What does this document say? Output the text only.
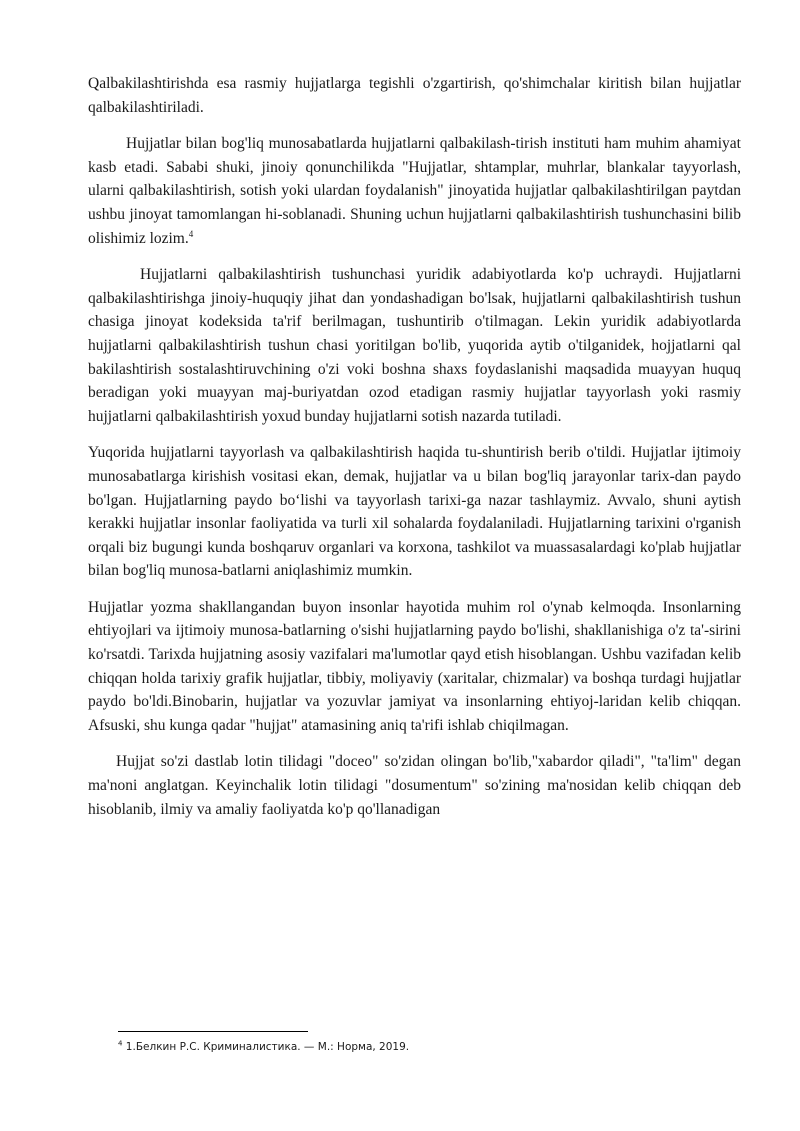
Qalbakilashtirishda esa rasmiy hujjatlarga tegishli o'zgartirish, qo'shimchalar kiritish bilan hujjatlar qalbakilashtiriladi.

Hujjatlar bilan bog'liq munosabatlarda hujjatlarni qalbakilash-tirish instituti ham muhim ahamiyat kasb etadi. Sababi shuki, jinoiy qonunchilikda "Hujjatlar, shtamplar, muhrlar, blankalar tayyorlash, ularni qalbakilashtirish, sotish yoki ulardan foydalanish" jinoyatida hujjatlar qalbakilashtirilgan paytdan ushbu jinoyat tamomlangan hi-soblanadi. Shuning uchun hujjatlarni qalbakilashtirish tushunchasini bilib olishimiz lozim.$^4$

Hujjatlarni qalbakilashtirish tushunchasi yuridik adabiyotlarda ko'p uchraydi. Hujjatlarni qalbakilashtirishga jinoiy-huquqiy jihat dan yondashadigan bo'lsak, hujjatlarni qalbakilashtirish tushun chasiga jinoyat kodeksida ta'rif berilmagan, tushuntirib o'tilmagan. Lekin yuridik adabiyotlarda hujjatlarni qalbakilashtirish tushun chasi yoritilgan bo'lib, yuqorida aytib o'tilganidek, hojjatlarni qal bakilashtirish sostalashtiruvchining o'zi voki boshna shaxs foydaslanishi maqsadida muayyan huquq beradigan yoki muayyan maj-buriyatdan ozod etadigan rasmiy hujjatlar tayyorlash yoki rasmiy hujjatlarni qalbakilashtirish yoxud bunday hujjatlarni sotish nazarda tutiladi.

Yuqorida hujjatlarni tayyorlash va qalbakilashtirish haqida tu-shuntirish berib o'tildi. Hujjatlar ijtimoiy munosabatlarga kirishish vositasi ekan, demak, hujjatlar va u bilan bog'liq jarayonlar tarix-dan paydo bo'lgan. Hujjatlarning paydo bo‘lishi va tayyorlash tarixi-ga nazar tashlaymiz. Avvalo, shuni aytish kerakki hujjatlar insonlar faoliyatida va turli xil sohalarda foydalaniladi. Hujjatlarning tarixini o'rganish orqali biz bugungi kunda boshqaruv organlari va korxona, tashkilot va muassasalardagi ko'plab hujjatlar bilan bog'liq munosa-batlarni aniqlashimiz mumkin.

Hujjatlar yozma shakllangandan buyon insonlar hayotida muhim rol o'ynab kelmoqda. Insonlarning ehtiyojlari va ijtimoiy munosa-batlarning o'sishi hujjatlarning paydo bo'lishi, shakllanishiga o'z ta'-sirini ko'rsatdi. Tarixda hujjatning asosiy vazifalari ma'lumotlar qayd etish hisoblangan. Ushbu vazifadan kelib chiqqan holda tarixiy grafik hujjatlar, tibbiy, moliyaviy (xaritalar, chizmalar) va boshqa turdagi hujjatlar paydo bo'ldi.Binobarin, hujjatlar va yozuvlar jamiyat va insonlarning ehtiyoj-laridan kelib chiqqan. Afsuski, shu kunga qadar "hujjat" atamasining aniq ta'rifi ishlab chiqilmagan.

Hujjat so'zi dastlab lotin tilidagi "doceo" so'zidan olingan bo'lib,"xabardor qiladi", "ta'lim" degan ma'noni anglatgan. Keyinchalik lotin tilidagi "dosumentum" so'zining ma'nosidan kelib chiqqan deb hisoblanib, ilmiy va amaliy faoliyatda ko'p qo'llanadigan

$^4$ 1.Белкин Р.С. Криминалистика. — М.: Норма, 2019.
